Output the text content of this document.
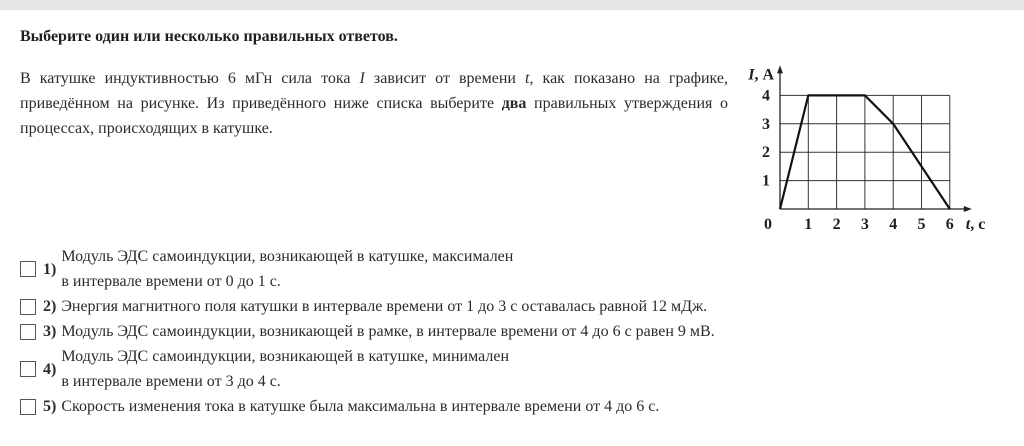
Выберите один или несколько правильных ответов.
В катушке индуктивностью 6 мГн сила тока I зависит от времени t, как показано на графике, приведённом на рисунке. Из приведённого ниже списка выберите два правильных утверждения о процессах, происходящих в катушке.
1 2 3 4 5 6
1
2
3
4
0	t, с
I, А
1)
Модуль ЭДС самоиндукции, возникающей в катушке, максимален
в интервале времени от 0 до 1 с.
2) Энергия магнитного поля катушки в интервале времени от 1 до 3 с оставалась равной 12 мДж.
3) Модуль ЭДС самоиндукции, возникающей в рамке, в интервале времени от 4 до 6 с равен 9 мВ.
4)
Модуль ЭДС самоиндукции, возникающей в катушке, минимален
в интервале времени от 3 до 4 с.
5) Скорость изменения тока в катушке была максимальна в интервале времени от 4 до 6 с.
